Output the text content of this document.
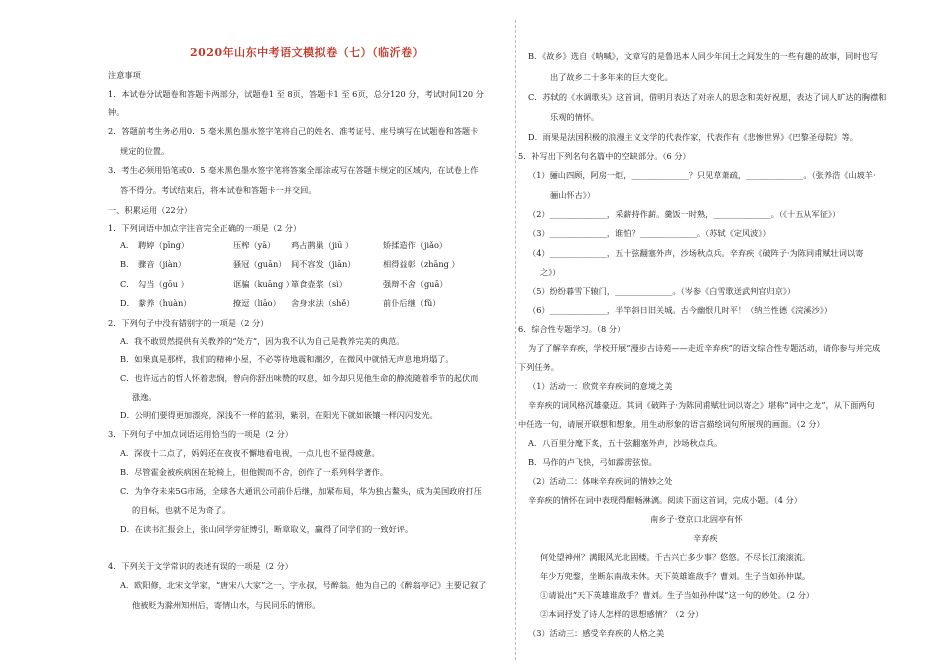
2020年山东中考语文模拟卷（七）（临沂卷）
注意事项
1．本试卷分试题卷和答题卡两部分，试题卷1 至 8页，答题卡1 至 6页，总分120 分，考试时间120 分
钟。
2．答题前考生务必用0．5 毫米黑色墨水签字笔将自己的姓名、准考证号、座号填写在试题卷和答题卡
规定的位置。
3．考生必须用铅笔或0．5 毫米黑色墨水签字笔将答案全部涂或写在答题卡规定的区域内，在试卷上作
答不得分。考试结束后，将本试卷和答题卡一并交回。
一、积累运用（22分）
1．下列词语中加点字注音完全正确的一项是（2 分）
A． 聘婷（pīng）	压榨（yā） 鸡占鹊巢（jiū ）	矫揉造作（jiǎo）
B． 骤音（jiàn）	骚冠（guān） 间不容发（jiān）	相得益彰（zhāng ）
C． 勾当（gōu ）	诓骗（kuāng ）箪食壶浆（sì）	强辩不舍（guā）
D． 豢养（huàn）	撩逗（liāo） 舍身求法（shě）	前仆后继（fǔ）
2．下列句子中没有错别字的一项是（2 分）
A．我不敢贸然提供有关教养的“处方”，因为我不认为自己是教养完美的典范。
B．如果真是那样，我们的精神小屋，不必等待地震和潮汐，在微风中就悄无声息地坍塌了。
C．也许远古的哲人怀着悲悯，曾向你舒出味赞的叹息，如今却只见他生命的静流随着季节的起伏而
涨逸。
D．公明们要得更加漂亮，深浅不一样的蓝羽，紫羽，在阳光下就如嵌镶一样闪闪发光。
3．下列句子中加点词语运用恰当的一项是（2 分）
A．深夜十二点了，妈妈还在夜夜不懈地看电视，一点儿也不显得疲惫。
B．尽管霍金被疾病困在轮椅上，但他锲而不舍，创作了一系列科学著作。
C．为争夺未来5G市场，全球各大通讯公司前仆后继，加紧布局，华为独占鳌头，成为美国政府打压
的目标，也就不足为奇了。
D．在读书汇报会上，张山同学旁征博引，断章取义，赢得了同学们的一致好评。
4．下列关于文学常识的表述有误的一项是（2 分）
A．欧阳修，北宋文学家，“唐宋八大家”之一，字永叔，号醉翁。他为自己的《醉翁亭记》主要记叙了
他被贬为滁州知州后，寄情山水，与民同乐的情形。
B．《故乡》选自《呐喊》，文章写的是鲁迅本人同少年闰土之间发生的一些有趣的故事，同时也写
出了故乡二十多年来的巨大变化。
C．苏轼的《水调歌头》这首词，借明月表达了对亲人的思念和美好祝愿，表达了词人旷达的胸襟和
乐观的情怀。
D．雨果是法国积极的浪漫主义文学的代表作家，代表作有《悲惨世界》《巴黎圣母院》等。
5．补写出下列名句名篇中的空缺部分。（6 分）
（1）骊山四顾，阿房一炬，______________？只见草萧疏，______________。（张养浩《山坡羊·
骊山怀古》）
（2）______________，采薪持作薪。羹饭一时熟，______________。（《十五从军征》）
（3）______________，谁怕？______________。（苏轼《定风波》）
（4）______________，五十弦翻塞外声，沙场秋点兵。辛弃疾《破阵子·为陈同甫赋壮词以寄
之》）
（5）纷纷暮雪下辕门，______________。（岑参《白雪歌送武判官归京》）
（6）______________，半竿斜日旧关城。古今幽恨几时平！（纳兰性德《浣溪沙》）
6．综合性专题学习。（8 分）
为了了解辛弃疾，学校开展“漫步古诗苑——走近辛弃疾”的语文综合性专题活动，请你参与并完成
下列任务。
（1）活动一：欣赏辛弃疾词的意境之美
辛弃疾的词风格沉雄豪迈。其词《破阵子·为陈同甫赋壮词以寄之》堪称“词中之龙”，从下面两句
中任选一句，请展开联想和想象，用生动形象的语言描绘词句所展现的画面。（2 分）
A．八百里分麾下炙，五十弦翻塞外声，沙场秋点兵。
B．马作的卢飞快，弓如霹雳弦惊。
（2）活动二：体味辛弃疾词的情妙之处
辛弃疾的情怀在词中表现得酣畅淋漓。阅读下面这首词，完成小题。（4 分）
南乡子·登京口北固亭有怀
辛弃疾
何处望神州？满眼风光北固楼。千古兴亡多少事？悠悠。不尽长江滚滚流。
年少万兜鍪，坐断东南战未休。天下英雄谁敌手？曹刘。生子当如孙仲谋。
①请说出“天下英雄谁敌手？曹刘。生子当如孙仲谋”这一句的妙处。（2 分）
②本词抒发了诗人怎样的思想感情？（2 分）
（3）活动三：感受辛弃疾的人格之美
